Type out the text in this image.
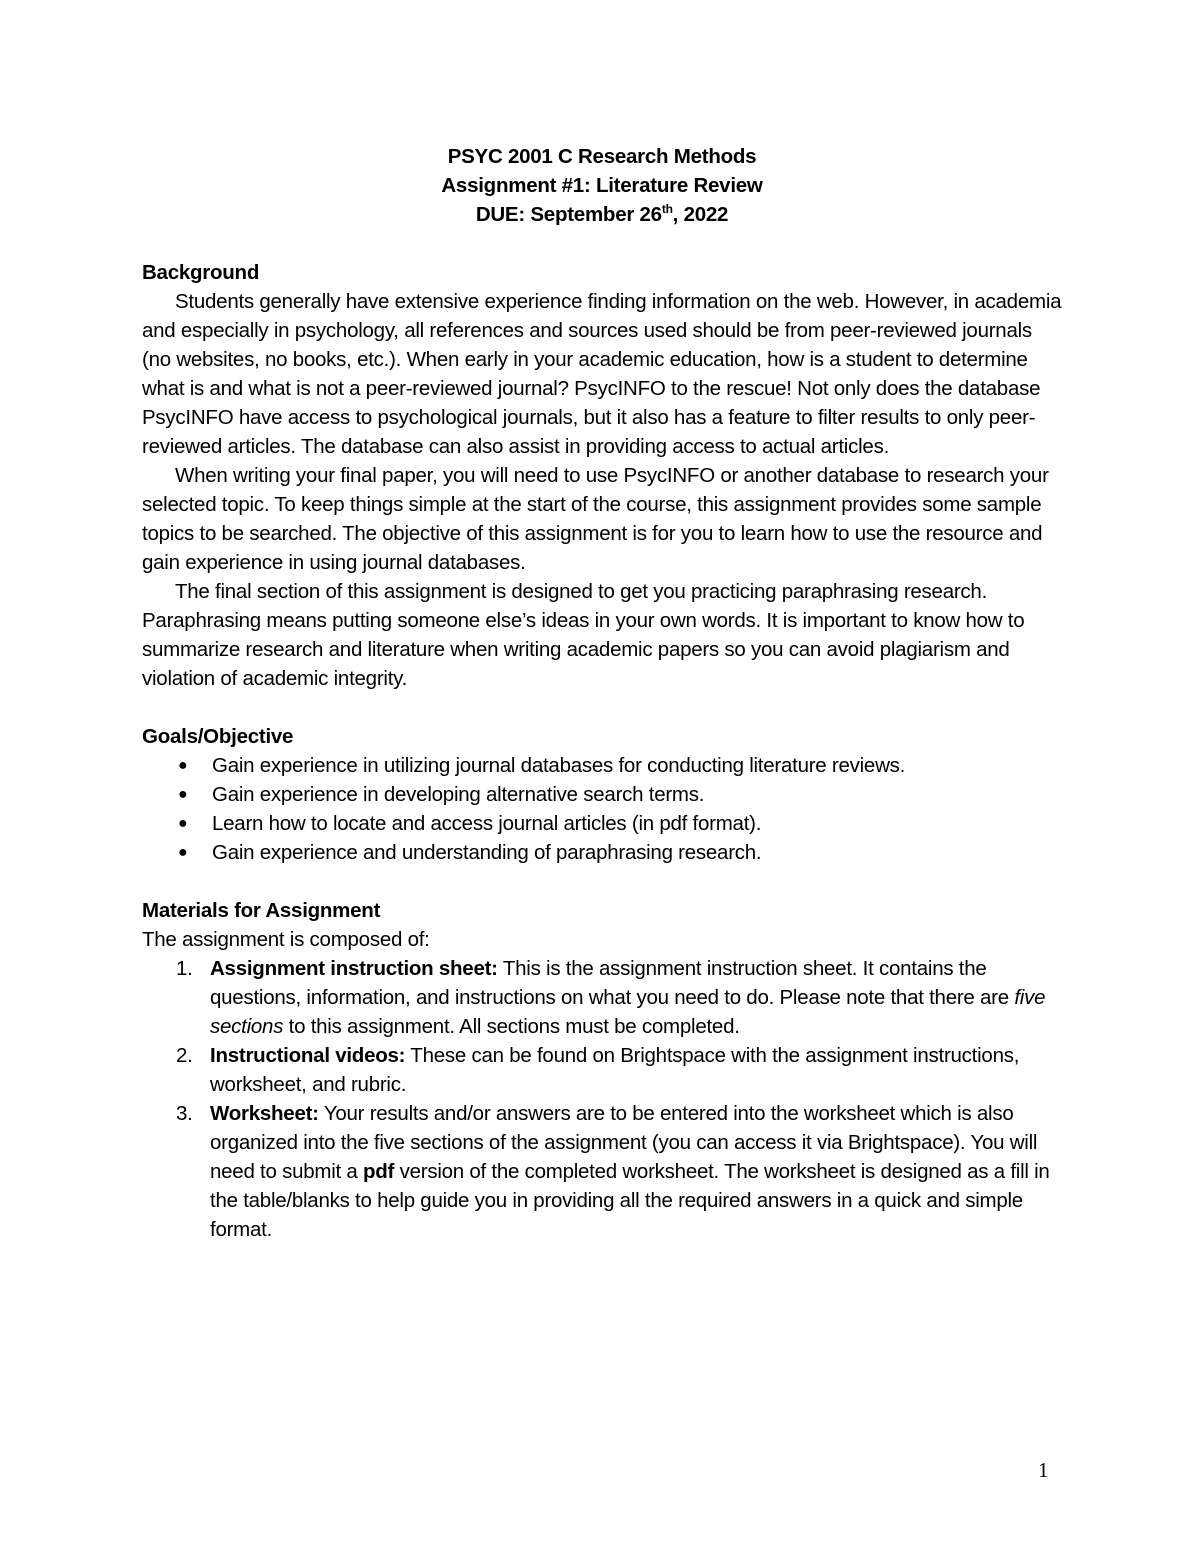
PSYC 2001 C Research Methods
Assignment #1: Literature Review
DUE: September 26th, 2022
Background

Students generally have extensive experience finding information on the web. However, in academia and especially in psychology, all references and sources used should be from peer-reviewed journals (no websites, no books, etc.). When early in your academic education, how is a student to determine what is and what is not a peer-reviewed journal? PsycINFO to the rescue! Not only does the database PsycINFO have access to psychological journals, but it also has a feature to filter results to only peer-reviewed articles. The database can also assist in providing access to actual articles.

When writing your final paper, you will need to use PsycINFO or another database to research your selected topic. To keep things simple at the start of the course, this assignment provides some sample topics to be searched. The objective of this assignment is for you to learn how to use the resource and gain experience in using journal databases.

The final section of this assignment is designed to get you practicing paraphrasing research. Paraphrasing means putting someone else’s ideas in your own words. It is important to know how to summarize research and literature when writing academic papers so you can avoid plagiarism and violation of academic integrity.

Goals/Objective
● Gain experience in utilizing journal databases for conducting literature reviews.
● Gain experience in developing alternative search terms.
● Learn how to locate and access journal articles (in pdf format).
● Gain experience and understanding of paraphrasing research.
Materials for Assignment
The assignment is composed of:
1. Assignment instruction sheet: This is the assignment instruction sheet. It contains the questions, information, and instructions on what you need to do. Please note that there are five sections to this assignment. All sections must be completed.
2. Instructional videos: These can be found on Brightspace with the assignment instructions, worksheet, and rubric.
3. Worksheet: Your results and/or answers are to be entered into the worksheet which is also organized into the five sections of the assignment (you can access it via Brightspace). You will need to submit a pdf version of the completed worksheet. The worksheet is designed as a fill in the table/blanks to help guide you in providing all the required answers in a quick and simple format.
1
